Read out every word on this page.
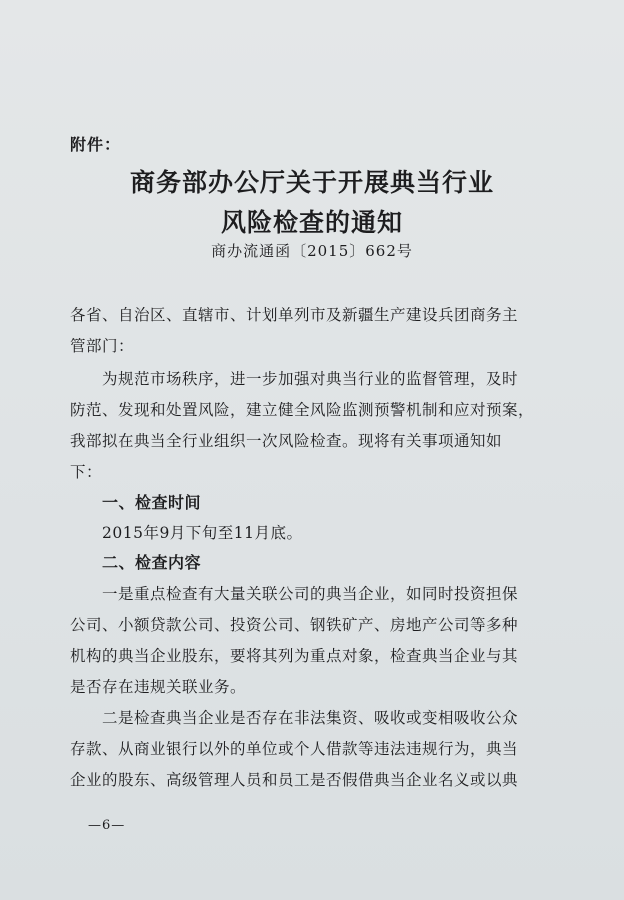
附件：
商务部办公厅关于开展典当行业
风险检查的通知
商办流通函〔2015〕662号
各省、自治区、直辖市、计划单列市及新疆生产建设兵团商务主
管部门：
为规范市场秩序，进一步加强对典当行业的监督管理，及时
防范、发现和处置风险，建立健全风险监测预警机制和应对预案，
我部拟在典当全行业组织一次风险检查。现将有关事项通知如
下：
一、检查时间
2015年9月下旬至11月底。
二、检查内容
一是重点检查有大量关联公司的典当企业，如同时投资担保
公司、小额贷款公司、投资公司、钢铁矿产、房地产公司等多种
机构的典当企业股东，要将其列为重点对象，检查典当企业与其
是否存在违规关联业务。
二是检查典当企业是否存在非法集资、吸收或变相吸收公众
存款、从商业银行以外的单位或个人借款等违法违规行为，典当
企业的股东、高级管理人员和员工是否假借典当企业名义或以典
—6—
